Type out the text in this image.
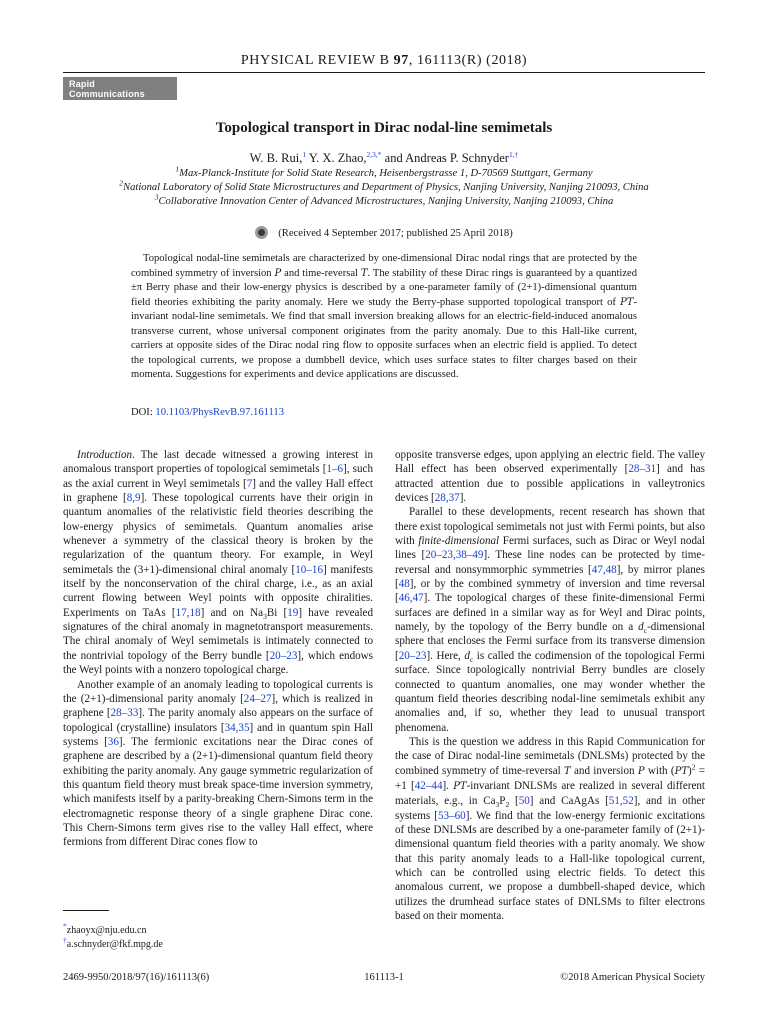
PHYSICAL REVIEW B 97, 161113(R) (2018)
Rapid Communications
Topological transport in Dirac nodal-line semimetals
W. B. Rui,$^1$ Y. X. Zhao,$^{2,3,*}$ and Andreas P. Schnyder$^{1,\dagger}$
$^1$Max-Planck-Institute for Solid State Research, Heisenbergstrasse 1, D-70569 Stuttgart, Germany
$^2$National Laboratory of Solid State Microstructures and Department of Physics, Nanjing University, Nanjing 210093, China
$^3$Collaborative Innovation Center of Advanced Microstructures, Nanjing University, Nanjing 210093, China
(Received 4 September 2017; published 25 April 2018)

Topological nodal-line semimetals are characterized by one-dimensional Dirac nodal rings that are protected by the combined symmetry of inversion P and time-reversal T. The stability of these Dirac rings is guaranteed by a quantized ±π Berry phase and their low-energy physics is described by a one-parameter family of (2+1)-dimensional quantum field theories exhibiting the parity anomaly. Here we study the Berry-phase supported topological transport of PT-invariant nodal-line semimetals. We find that small inversion breaking allows for an electric-field-induced anomalous transverse current, whose universal component originates from the parity anomaly. Due to this Hall-like current, carriers at opposite sides of the Dirac nodal ring flow to opposite surfaces when an electric field is applied. To detect the topological currents, we propose a dumbbell device, which uses surface states to filter charges based on their momenta. Suggestions for experiments and device applications are discussed.

DOI: 10.1103/PhysRevB.97.161113

Introduction. The last decade witnessed a growing interest in anomalous transport properties of topological semimetals [1–6], such as the axial current in Weyl semimetals [7] and the valley Hall effect in graphene [8,9]. These topological currents have their origin in quantum anomalies of the relativistic field theories describing the low-energy physics of semimetals. Quantum anomalies arise whenever a symmetry of the classical theory is broken by the regularization of the quantum theory. For example, in Weyl semimetals the (3+1)-dimensional chiral anomaly [10–16] manifests itself by the nonconservation of the chiral charge, i.e., as an axial current flowing between Weyl points with opposite chiralities. Experiments on TaAs [17,18] and on $Na_3Bi$ [19] have revealed signatures of the chiral anomaly in magnetotransport measurements. The chiral anomaly of Weyl semimetals is intimately connected to the nontrivial topology of the Berry bundle [20–23], which endows the Weyl points with a nonzero topological charge.

Another example of an anomaly leading to topological currents is the (2+1)-dimensional parity anomaly [24–27], which is realized in graphene [28–33]. The parity anomaly also appears on the surface of topological (crystalline) insulators [34,35] and in quantum spin Hall systems [36]. The fermionic excitations near the Dirac cones of graphene are described by a (2+1)-dimensional quantum field theory exhibiting the parity anomaly. Any gauge symmetric regularization of this quantum field theory must break space-time inversion symmetry, which manifests itself by a parity-breaking Chern-Simons term in the electromagnetic response theory of a single graphene Dirac cone. This Chern-Simons term gives rise to the valley Hall effect, where fermions from different Dirac cones flow to

opposite transverse edges, upon applying an electric field. The valley Hall effect has been observed experimentally [28–31] and has attracted attention due to possible applications in valleytronics devices [28,37].

Parallel to these developments, recent research has shown that there exist topological semimetals not just with Fermi points, but also with finite-dimensional Fermi surfaces, such as Dirac or Weyl nodal lines [20–23,38–49]. These line nodes can be protected by time-reversal and nonsymmorphic symmetries [47,48], by mirror planes [48], or by the combined symmetry of inversion and time reversal [46,47]. The topological charges of these finite-dimensional Fermi surfaces are defined in a similar way as for Weyl and Dirac points, namely, by the topology of the Berry bundle on a $d_c$-dimensional sphere that encloses the Fermi surface from its transverse dimension [20–23]. Here, $d_c$ is called the codimension of the topological Fermi surface. Since topologically nontrivial Berry bundles are closely connected to quantum anomalies, one may wonder whether the quantum field theories describing nodal-line semimetals exhibit any anomalies and, if so, whether they lead to unusual transport phenomena.

This is the question we address in this Rapid Communication for the case of Dirac nodal-line semimetals (DNLSMs) protected by the combined symmetry of time-reversal T and inversion P with (PT)$^2$ = +1 [42–44]. PT-invariant DNLSMs are realized in several different materials, e.g., in $Ca_3P_2$ [50] and CaAgAs [51,52], and in other systems [53–60]. We find that the low-energy fermionic excitations of these DNLSMs are described by a one-parameter family of (2+1)-dimensional quantum field theories with a parity anomaly. We show that this parity anomaly leads to a Hall-like topological current, which can be controlled using electric fields. To detect this anomalous current, we propose a dumbbell-shaped device, which utilizes the drumhead surface states of DNLSMs to filter electrons based on their momenta.

*zhaoyx@nju.edu.cn
†a.schnyder@fkf.mpg.de
2469-9950/2018/97(16)/161113(6)	161113-1	©2018 American Physical Society
